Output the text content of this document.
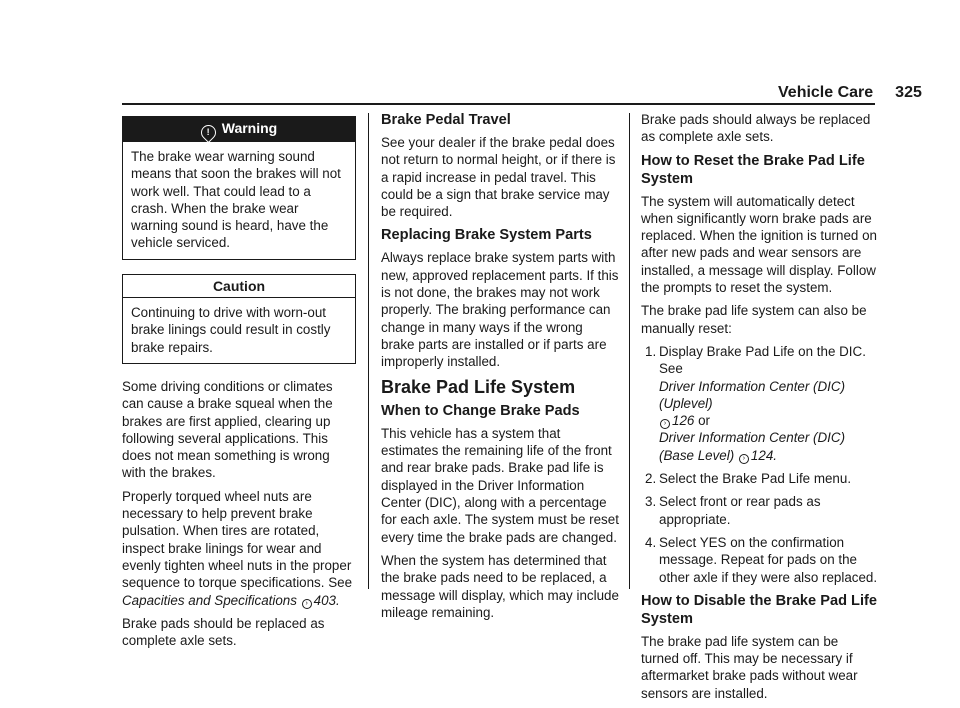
Vehicle Care 325
! Warning
The brake wear warning sound means that soon the brakes will not work well. That could lead to a crash. When the brake wear warning sound is heard, have the vehicle serviced.
Caution
Continuing to drive with worn-out brake linings could result in costly brake repairs.

Some driving conditions or climates can cause a brake squeal when the brakes are first applied, clearing up following several applications. This does not mean something is wrong with the brakes.

Properly torqued wheel nuts are necessary to help prevent brake pulsation. When tires are rotated, inspect brake linings for wear and evenly tighten wheel nuts in the proper sequence to torque specifications. See Capacities and Specifications › 403.

Brake pads should be replaced as complete axle sets.

Brake Pedal Travel

See your dealer if the brake pedal does not return to normal height, or if there is a rapid increase in pedal travel. This could be a sign that brake service may be required.

Replacing Brake System Parts

Always replace brake system parts with new, approved replacement parts. If this is not done, the brakes may not work properly. The braking performance can change in many ways if the wrong brake parts are installed or if parts are improperly installed.

Brake Pad Life System
When to Change Brake Pads

This vehicle has a system that estimates the remaining life of the front and rear brake pads. Brake pad life is displayed in the Driver Information Center (DIC), along with a percentage for each axle. The system must be reset every time the brake pads are changed.

When the system has determined that the brake pads need to be replaced, a message will display, which may include mileage remaining.

Brake pads should always be replaced as complete axle sets.

How to Reset the Brake Pad Life System

The system will automatically detect when significantly worn brake pads are replaced. When the ignition is turned on after new pads and wear sensors are installed, a message will display. Follow the prompts to reset the system.

The brake pad life system can also be manually reset:

1. Display Brake Pad Life on the DIC. See
Driver Information Center (DIC) (Uplevel)
› 126 or
Driver Information Center (DIC) (Base Level) › 124.
2. Select the Brake Pad Life menu.
3. Select front or rear pads as appropriate.
4. Select YES on the confirmation message. Repeat for pads on the other axle if they were also replaced.
How to Disable the Brake Pad Life System

The brake pad life system can be turned off. This may be necessary if aftermarket brake pads without wear sensors are installed.
